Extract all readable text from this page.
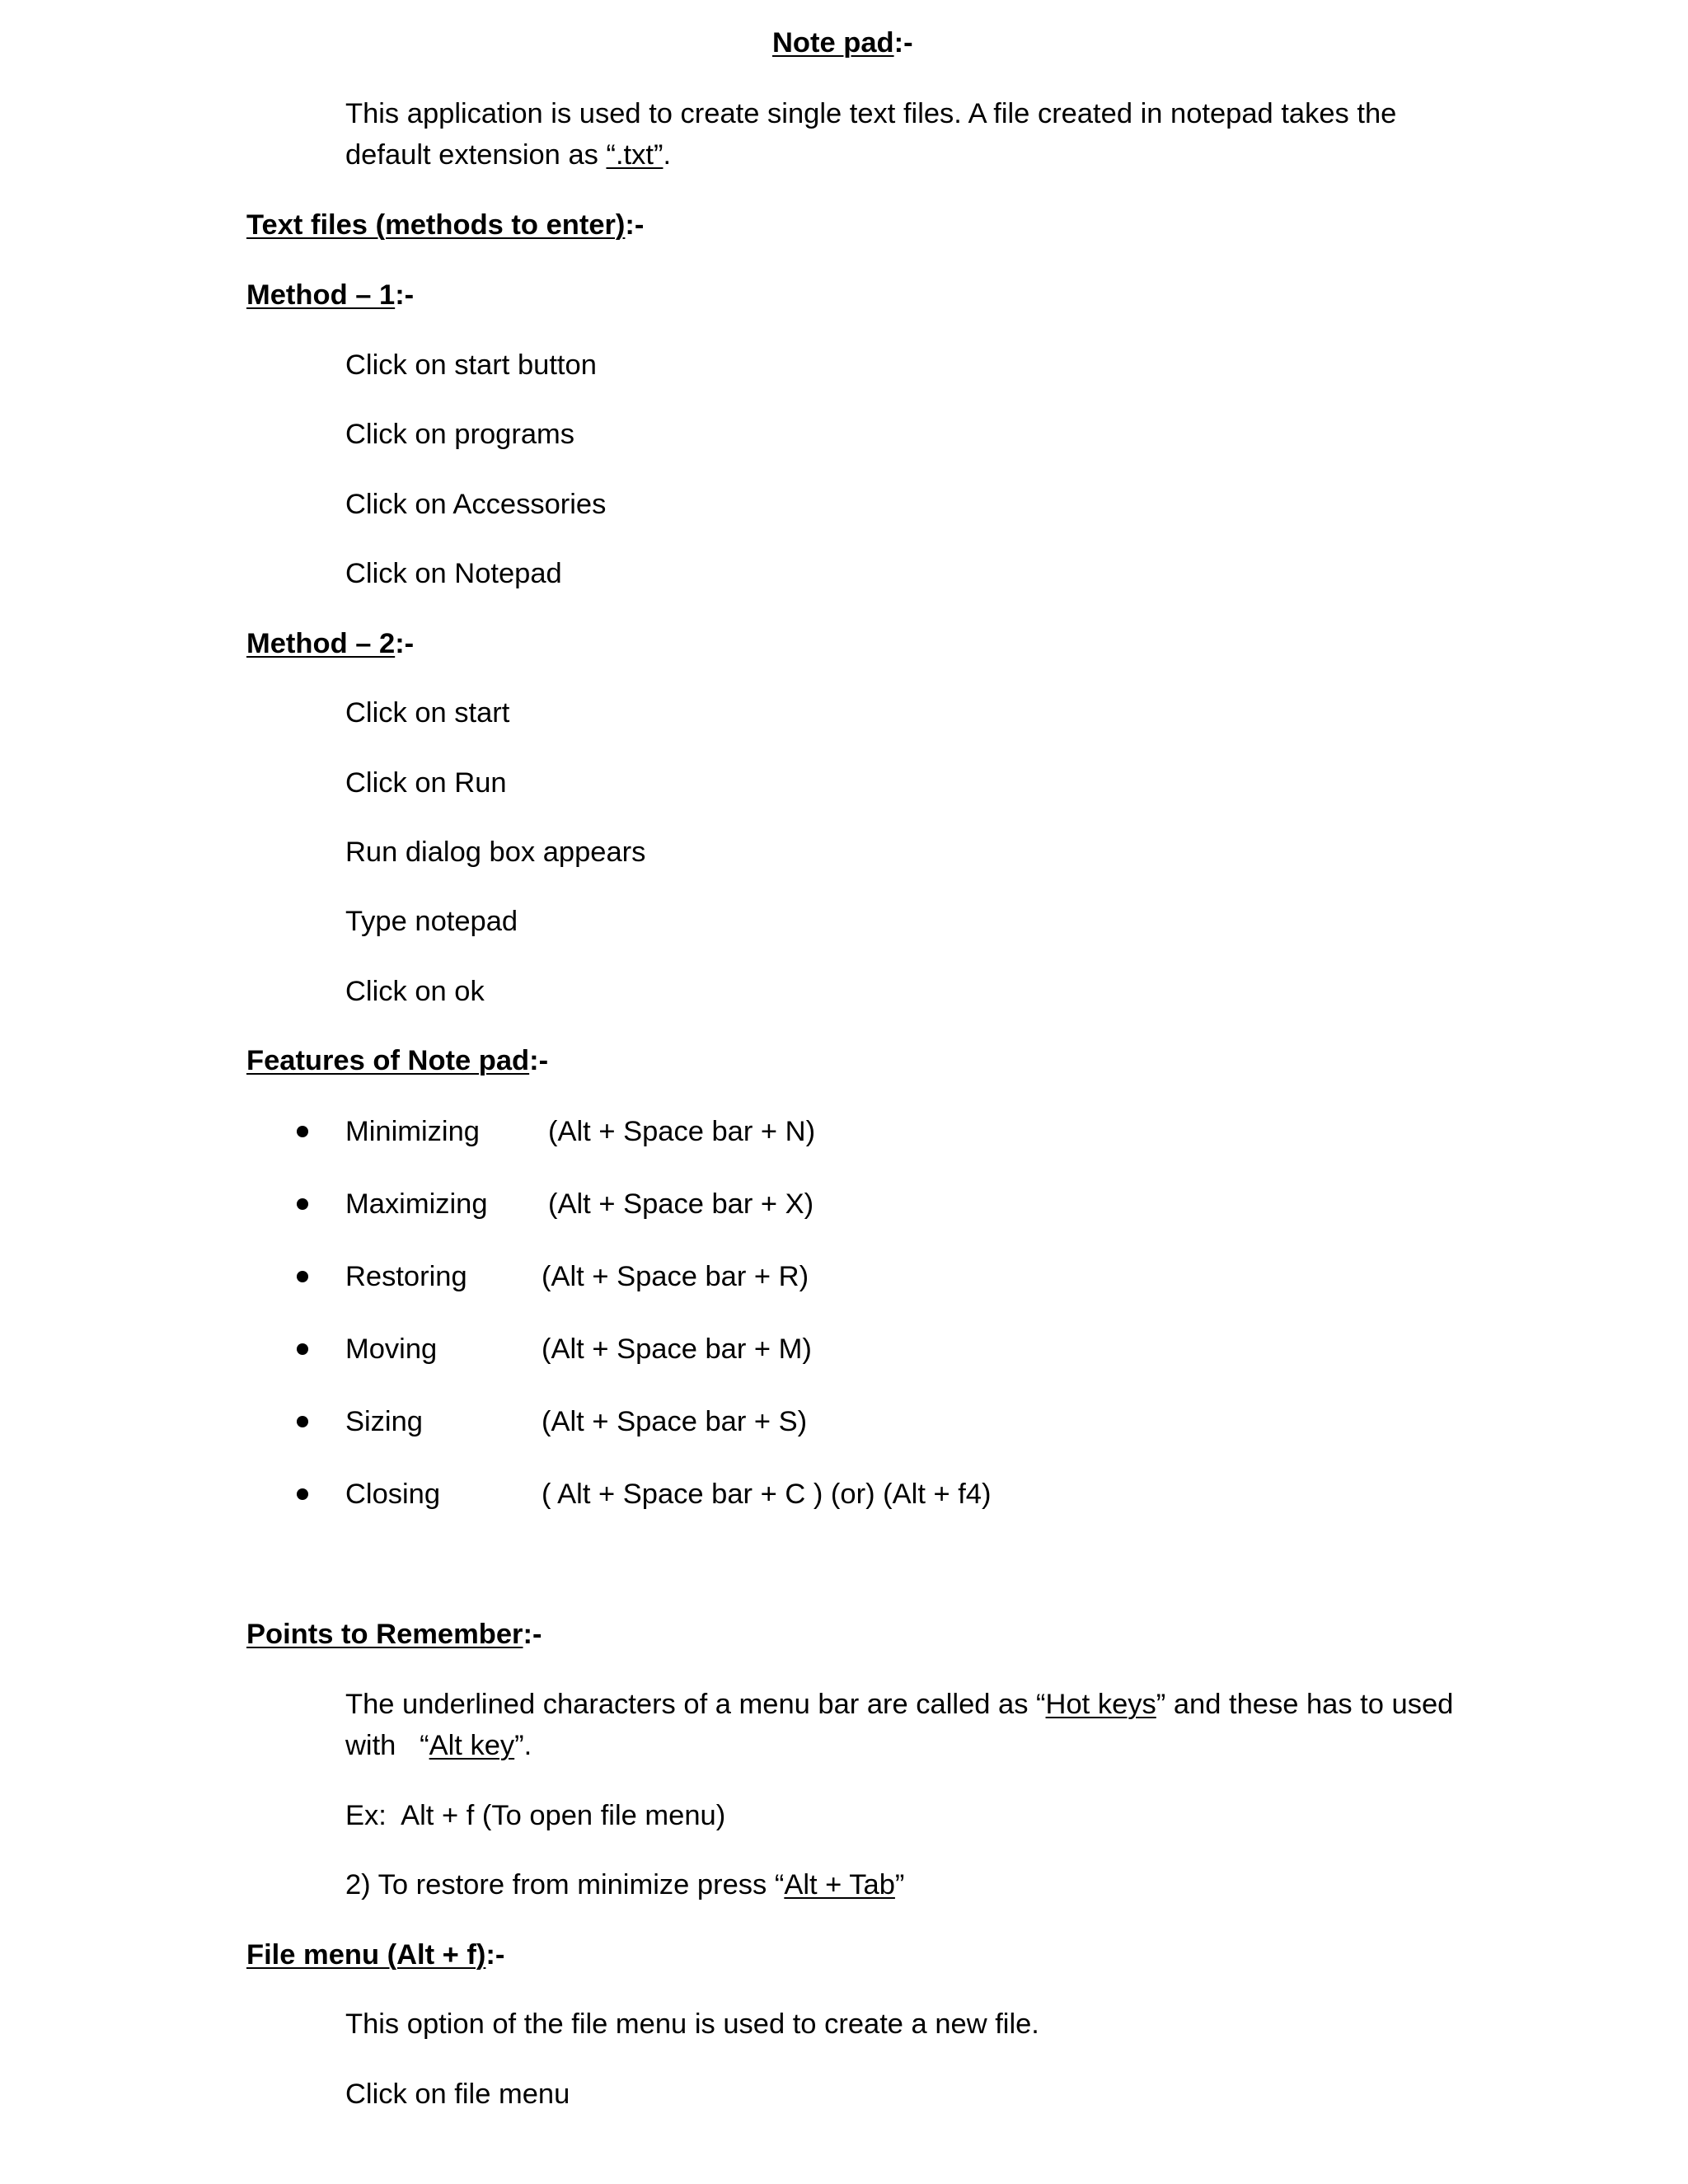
Note pad:-
This application is used to create single text files. A file created in notepad takes the
default extension as “.txt”.
Text files (methods to enter):-
Method – 1:-
Click on start button
Click on programs
Click on Accessories
Click on Notepad
Method – 2:-
Click on start
Click on Run
Run dialog box appears
Type notepad
Click on ok
Features of Note pad:-
Minimizing (Alt + Space bar + N)
Maximizing (Alt + Space bar + X)
Restoring	(Alt + Space bar + R)
Moving	(Alt + Space bar + M)
Sizing	(Alt + Space bar + S)
Closing	( Alt + Space bar + C ) (or) (Alt + f4)
Points to Remember:-
The underlined characters of a menu bar are called as “Hot keys” and these has to used
with   “Alt key”.
Ex:  Alt + f (To open file menu)
2) To restore from minimize press “Alt + Tab”
File menu (Alt + f):-
This option of the file menu is used to create a new file.
Click on file menu
